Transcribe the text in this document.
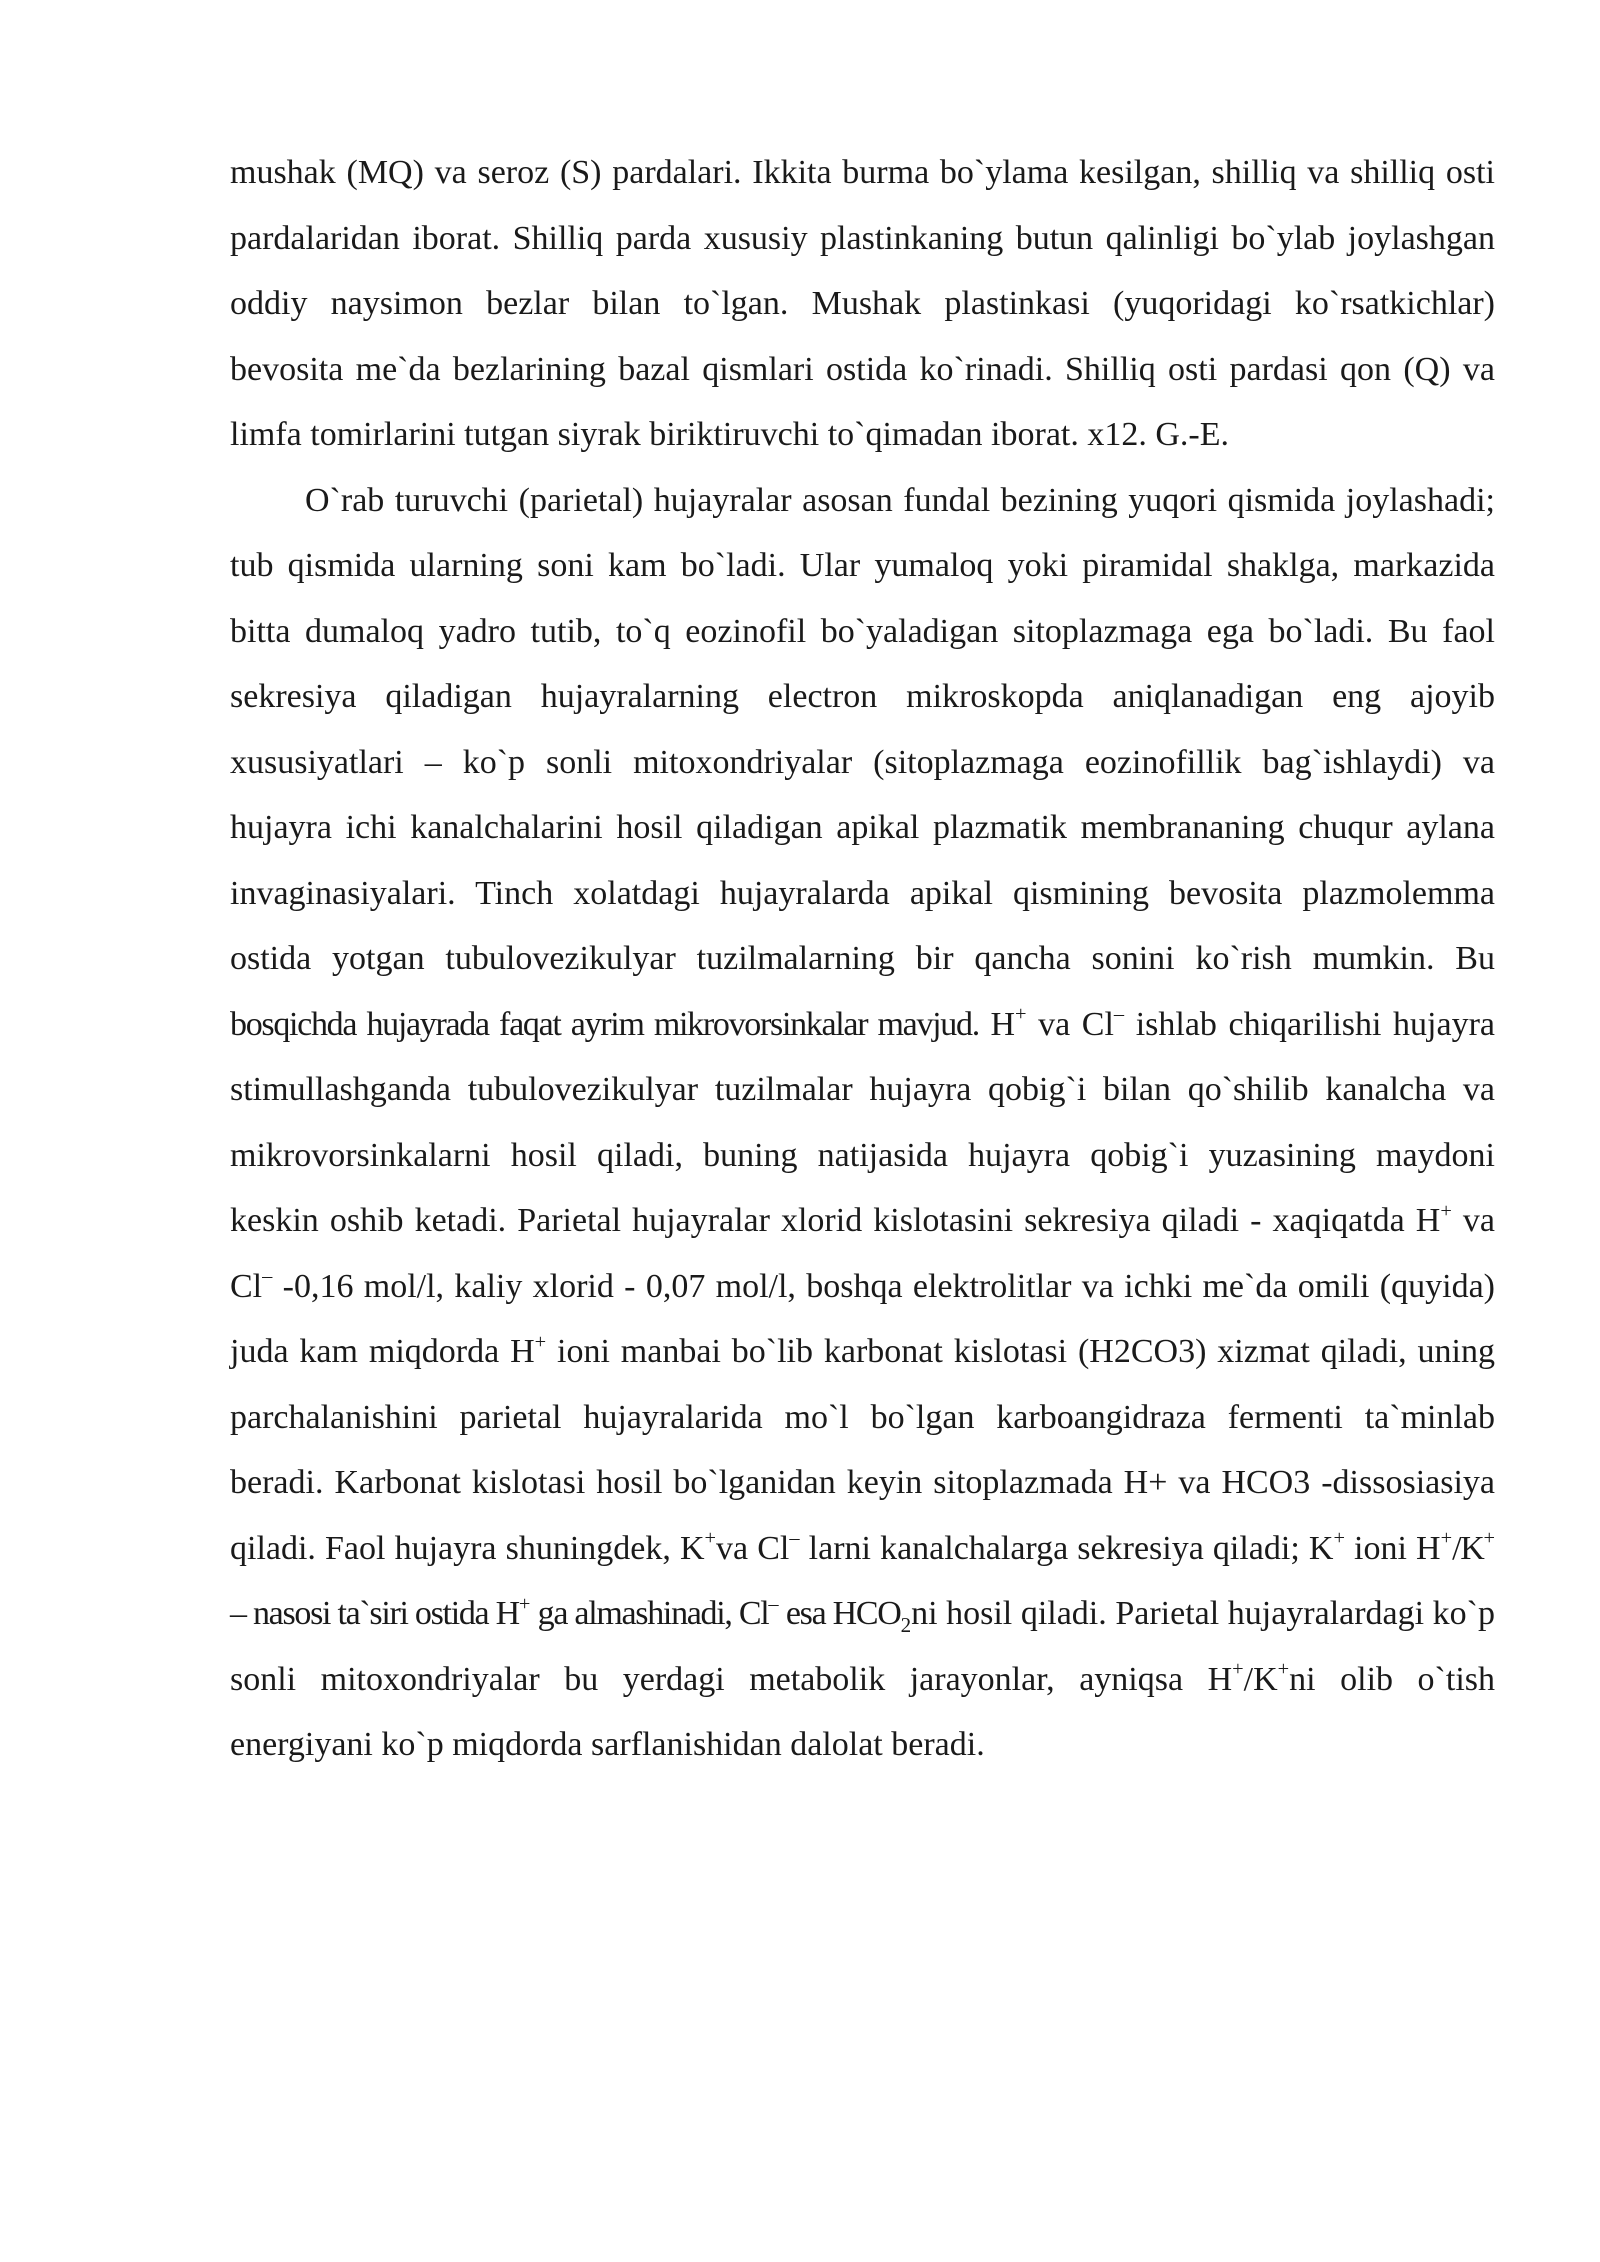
mushak (MQ) va seroz (S) pardalari. Ikkita burma bo`ylama kesilgan, shilliq va shilliq osti pardalaridan iborat. Shilliq parda xususiy plastinkaning butun qalinligi bo`ylab joylashgan oddiy naysimon bezlar bilan to`lgan. Mushak plastinkasi (yuqoridagi ko`rsatkichlar) bevosita me`da bezlarining bazal qismlari ostida ko`rinadi. Shilliq osti pardasi qon (Q) va limfa tomirlarini tutgan siyrak biriktiruvchi to`qimadan iborat. x12. G.-E.

O`rab turuvchi (parietal) hujayralar asosan fundal bezining yuqori qismida joylashadi; tub qismida ularning soni kam bo`ladi. Ular yumaloq yoki piramidal shaklga, markazida bitta dumaloq yadro tutib, to`q eozinofil bo`yaladigan sitoplazmaga ega bo`ladi. Bu faol sekresiya qiladigan hujayralarning electron mikroskopda aniqlanadigan eng ajoyib xususiyatlari – ko`p sonli mitoxondriyalar (sitoplazmaga eozinofillik bag`ishlaydi) va hujayra ichi kanalchalarini hosil qiladigan apikal plazmatik membrananing chuqur aylana invaginasiyalari. Tinch xolatdagi hujayralarda apikal qismining bevosita plazmolemma ostida yotgan tubulovezikulyar tuzilmalarning bir qancha sonini ko`rish mumkin. Bu bosqichda hujayrada faqat ayrim mikrovorsinkalar mavjud. H+ va Cl– ishlab chiqarilishi hujayra stimullashganda tubulovezikulyar tuzilmalar hujayra qobig`i bilan qo`shilib kanalcha va mikrovorsinkalarni hosil qiladi, buning natijasida hujayra qobig`i yuzasining maydoni keskin oshib ketadi. Parietal hujayralar xlorid kislotasini sekresiya qiladi - xaqiqatda H+ va Cl– -0,16 mol/l, kaliy xlorid - 0,07 mol/l, boshqa elektrolitlar va ichki me`da omili (quyida) juda kam miqdorda H+ ioni manbai bo`lib karbonat kislotasi (H2CO3) xizmat qiladi, uning parchalanishini parietal hujayralarida mo`l bo`lgan karboangidraza fermenti ta`minlab beradi. Karbonat kislotasi hosil bo`lganidan keyin sitoplazmada H+ va HCO3 -dissosiasiya qiladi. Faol hujayra shuningdek, K+va Cl– larni kanalchalarga sekresiya qiladi; K+ ioni H+/K+ – nasosi ta`siri ostida H+ ga almashinadi, Cl– esa $HCO_2ni$ hosil qiladi. Parietal hujayralardagi ko`p sonli mitoxondriyalar bu yerdagi metabolik jarayonlar, ayniqsa H+/K+ni olib o`tish energiyani ko`p miqdorda sarflanishidan dalolat beradi.
